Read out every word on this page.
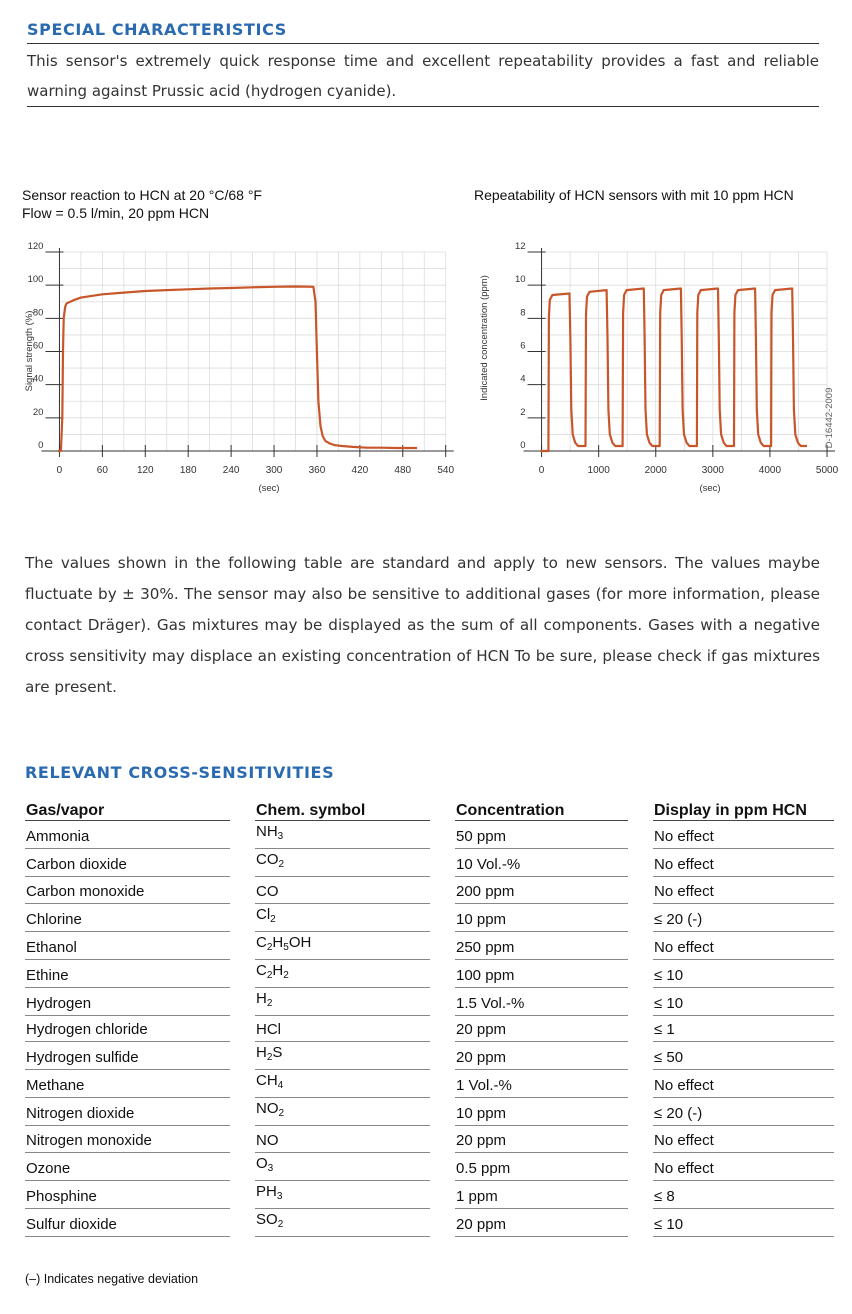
SPECIAL CHARACTERISTICS
This sensor's extremely quick response time and excellent repeatability provides a fast and reliable warning against Prussic acid (hydrogen cyanide).
Sensor reaction to HCN at 20 °C/68 °F
Flow = 0.5 l/min, 20 ppm HCN
Repeatability of HCN sensors with mit 10 ppm HCN
0
20
40
60
80
100
120
0	60	120	180	240	300	360	420	480	540
(sec)
Signal strength (%)
0
2
4
6
8
10
12
0	1000	2000	3000	4000	5000
(sec)
Indicated concentration (ppm)
D-16442-2009
The values shown in the following table are standard and apply to new sensors. The values maybe fluctuate by ± 30%. The sensor may also be sensitive to additional gases (for more information, please contact Dräger). Gas mixtures may be displayed as the sum of all components. Gases with a negative cross sensitivity may displace an existing concentration of HCN To be sure, please check if gas mixtures are present.
RELEVANT CROSS-SENSITIVITIES
Gas/vapor		Chem. symbol		Concentration		Display in ppm HCN
Ammonia		$NH_3$		50 ppm		No effect
Carbon dioxide		$CO_2$		10 Vol.-%		No effect
Carbon monoxide		CO		200 ppm		No effect
Chlorine		$Cl_2$		10 ppm		≤ 20 (-)
Ethanol		$C_2H_5OH$		250 ppm		No effect
Ethine		$C_2H_2$		100 ppm		≤ 10
Hydrogen		$H_2$		1.5 Vol.-%		≤ 10
Hydrogen chloride		HCl		20 ppm		≤ 1
Hydrogen sulfide		$H_2S$		20 ppm		≤ 50
Methane		$CH_4$		1 Vol.-%		No effect
Nitrogen dioxide		$NO_2$		10 ppm		≤ 20 (-)
Nitrogen monoxide		NO		20 ppm		No effect
Ozone		$O_3$		0.5 ppm		No effect
Phosphine		$PH_3$		1 ppm		≤ 8
Sulfur dioxide		$SO_2$		20 ppm		≤ 10
(–) Indicates negative deviation
